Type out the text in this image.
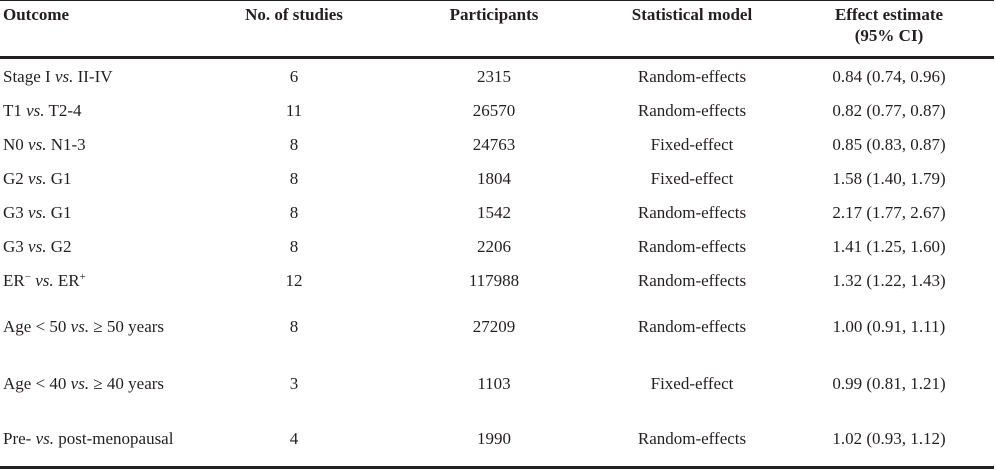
Outcome	No. of studies	Participants	Statistical model	Effect estimate
(95% CI)
Stage I vs. II-IV	6	2315	Random-effects	0.84 (0.74, 0.96)
T1 vs. T2-4	11	26570	Random-effects	0.82 (0.77, 0.87)
N0 vs. N1-3	8	24763	Fixed-effect	0.85 (0.83, 0.87)
G2 vs. G1	8	1804	Fixed-effect	1.58 (1.40, 1.79)
G3 vs. G1	8	1542	Random-effects	2.17 (1.77, 2.67)
G3 vs. G2	8	2206	Random-effects	1.41 (1.25, 1.60)
ER− vs. ER+	12	117988	Random-effects	1.32 (1.22, 1.43)
Age < 50 vs. ≥ 50 years	8	27209	Random-effects	1.00 (0.91, 1.11)
Age < 40 vs. ≥ 40 years	3	1103	Fixed-effect	0.99 (0.81, 1.21)
Pre- vs. post-menopausal	4	1990	Random-effects	1.02 (0.93, 1.12)
